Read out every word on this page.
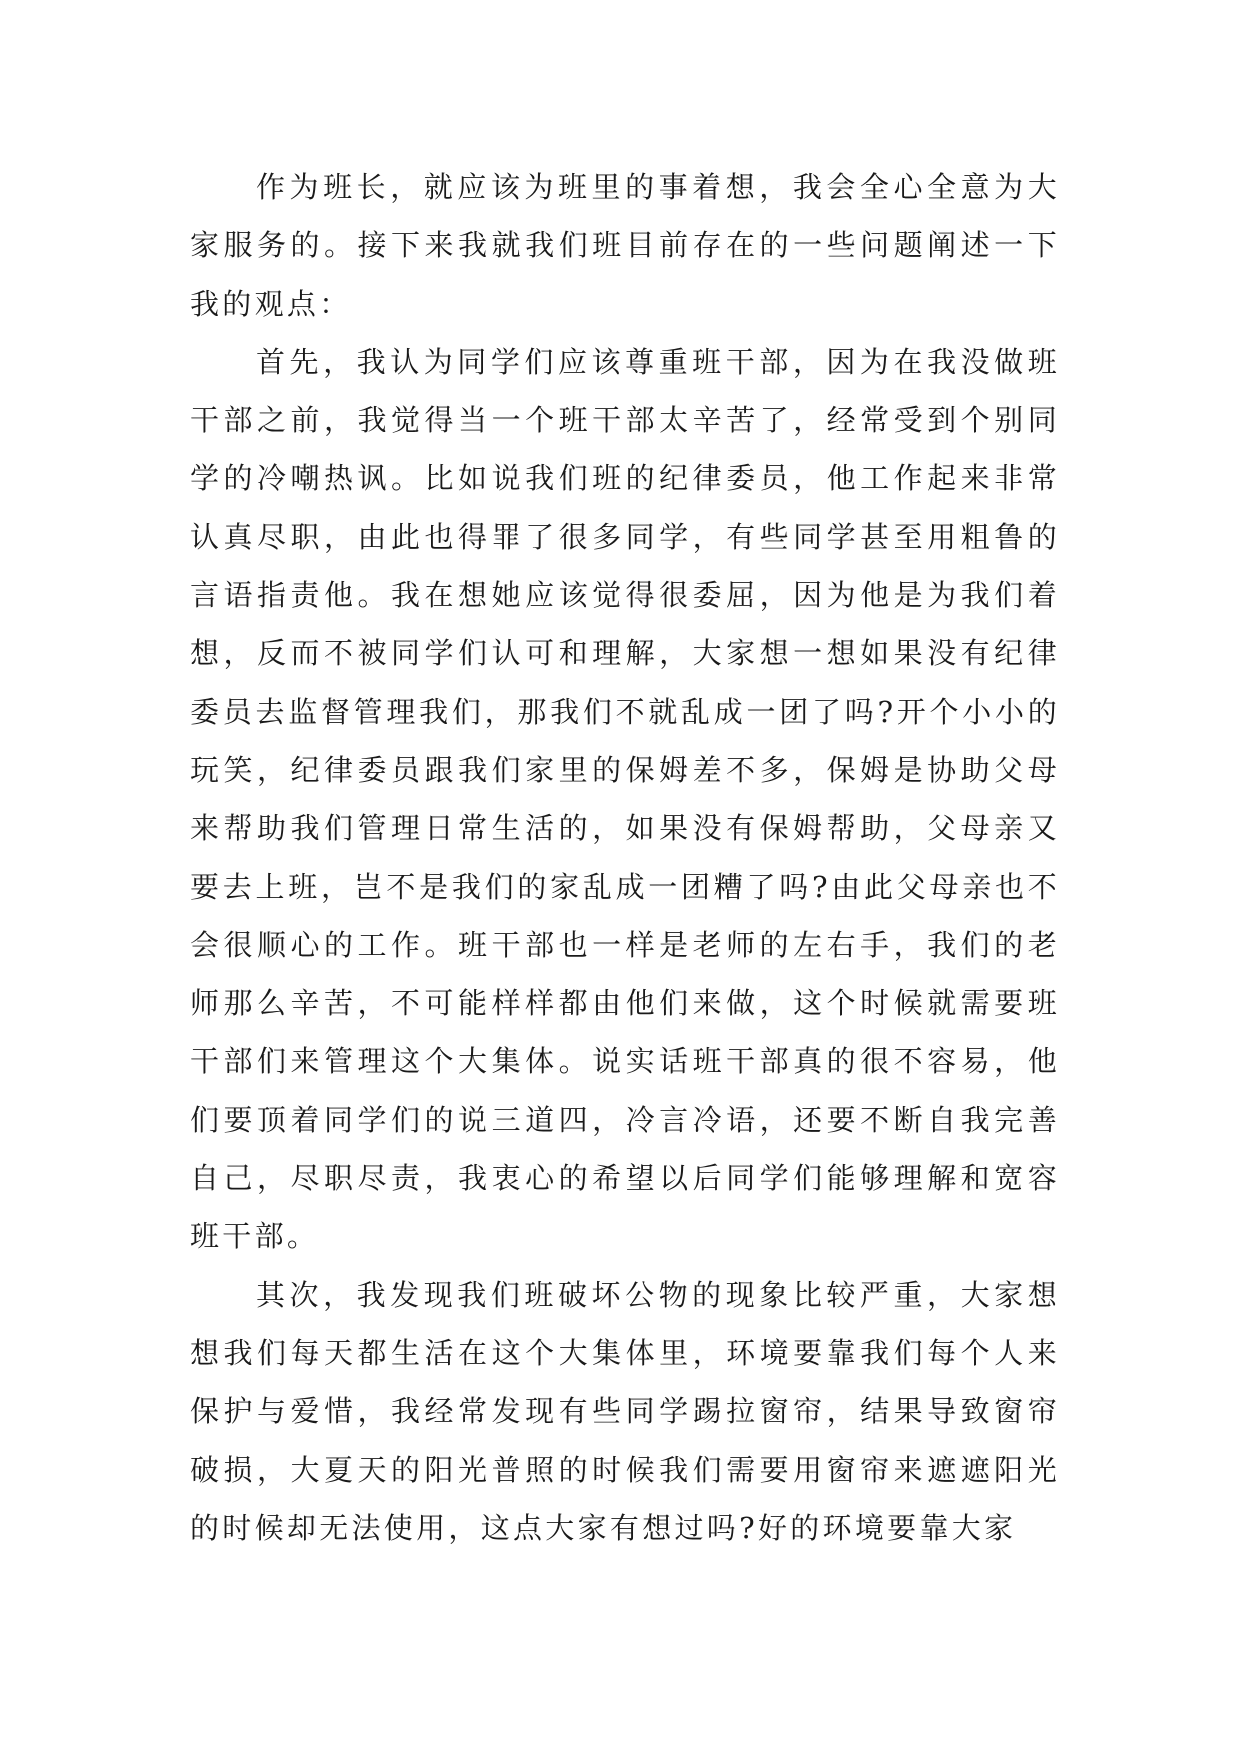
作为班长，就应该为班里的事着想，我会全心全意为大家服务的。接下来我就我们班目前存在的一些问题阐述一下我的观点：

首先，我认为同学们应该尊重班干部，因为在我没做班干部之前，我觉得当一个班干部太辛苦了，经常受到个别同学的冷嘲热讽。比如说我们班的纪律委员，他工作起来非常认真尽职，由此也得罪了很多同学，有些同学甚至用粗鲁的言语指责他。我在想她应该觉得很委屈，因为他是为我们着想，反而不被同学们认可和理解，大家想一想如果没有纪律委员去监督管理我们，那我们不就乱成一团了吗?开个小小的玩笑，纪律委员跟我们家里的保姆差不多，保姆是协助父母来帮助我们管理日常生活的，如果没有保姆帮助，父母亲又要去上班，岂不是我们的家乱成一团糟了吗?由此父母亲也不会很顺心的工作。班干部也一样是老师的左右手，我们的老师那么辛苦，不可能样样都由他们来做，这个时候就需要班干部们来管理这个大集体。说实话班干部真的很不容易，他们要顶着同学们的说三道四，冷言冷语，还要不断自我完善自己，尽职尽责，我衷心的希望以后同学们能够理解和宽容班干部。

其次，我发现我们班破坏公物的现象比较严重，大家想想我们每天都生活在这个大集体里，环境要靠我们每个人来保护与爱惜，我经常发现有些同学踢拉窗帘，结果导致窗帘破损，大夏天的阳光普照的时候我们需要用窗帘来遮遮阳光的时候却无法使用，这点大家有想过吗?好的环境要靠大家
